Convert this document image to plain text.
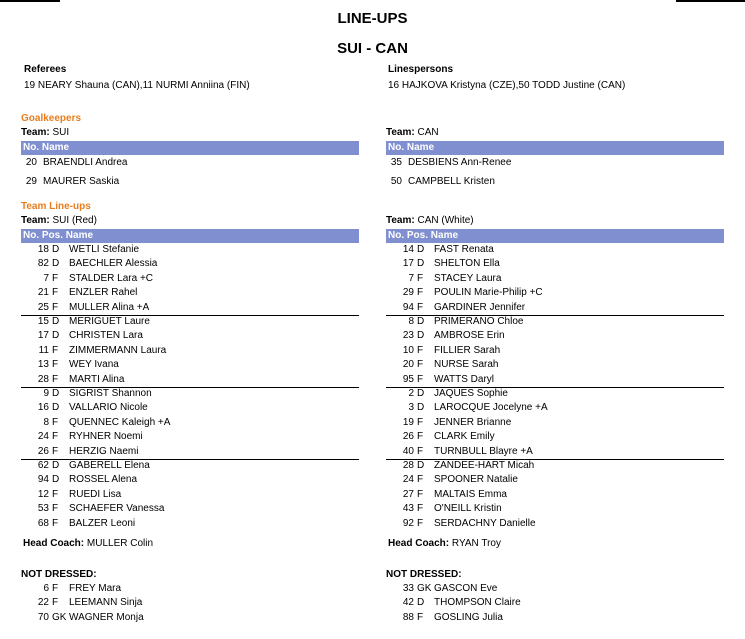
LINE-UPS
SUI - CAN
Referees
19 NEARY Shauna (CAN),11 NURMI Anniina (FIN)
Linespersons
16 HAJKOVA Kristyna (CZE),50 TODD Justine (CAN)
Goalkeepers
Team: SUI	Team: CAN
No. Name	No. Name
20 BRAENDLI Andrea
29 MAURER Saskia
35 DESBIENS Ann-Renee
50 CAMPBELL Kristen
Team Line-ups
Team: SUI (Red)	Team: CAN (White)
No. Pos. Name	No. Pos. Name
18 D WETLI Stefanie
82 D BAECHLER Alessia
7 F STALDER Lara +C
21 F ENZLER Rahel
25 F MULLER Alina +A
15 D MERIGUET Laure
17 D CHRISTEN Lara
11 F ZIMMERMANN Laura
13 F WEY Ivana
28 F MARTI Alina
9 D SIGRIST Shannon
16 D VALLARIO Nicole
8 F QUENNEC Kaleigh +A
24 F RYHNER Noemi
26 F HERZIG Naemi
62 D GABERELL Elena
94 D ROSSEL Alena
12 F RUEDI Lisa
53 F SCHAEFER Vanessa
68 F BALZER Leoni
14 D FAST Renata
17 D SHELTON Ella
7 F STACEY Laura
29 F POULIN Marie-Philip +C
94 F GARDINER Jennifer
8 D PRIMERANO Chloe
23 D AMBROSE Erin
10 F FILLIER Sarah
20 F NURSE Sarah
95 F WATTS Daryl
2 D JAQUES Sophie
3 D LAROCQUE Jocelyne +A
19 F JENNER Brianne
26 F CLARK Emily
40 F TURNBULL Blayre +A
28 D ZANDEE-HART Micah
24 F SPOONER Natalie
27 F MALTAIS Emma
43 F O'NEILL Kristin
92 F SERDACHNY Danielle
Head Coach: MULLER Colin	Head Coach: RYAN Troy
NOT DRESSED:	NOT DRESSED:
6 F FREY Mara
22 F LEEMANN Sinja
70 GK WAGNER Monja
33 GK GASCON Eve
42 D THOMPSON Claire
88 F GOSLING Julia
